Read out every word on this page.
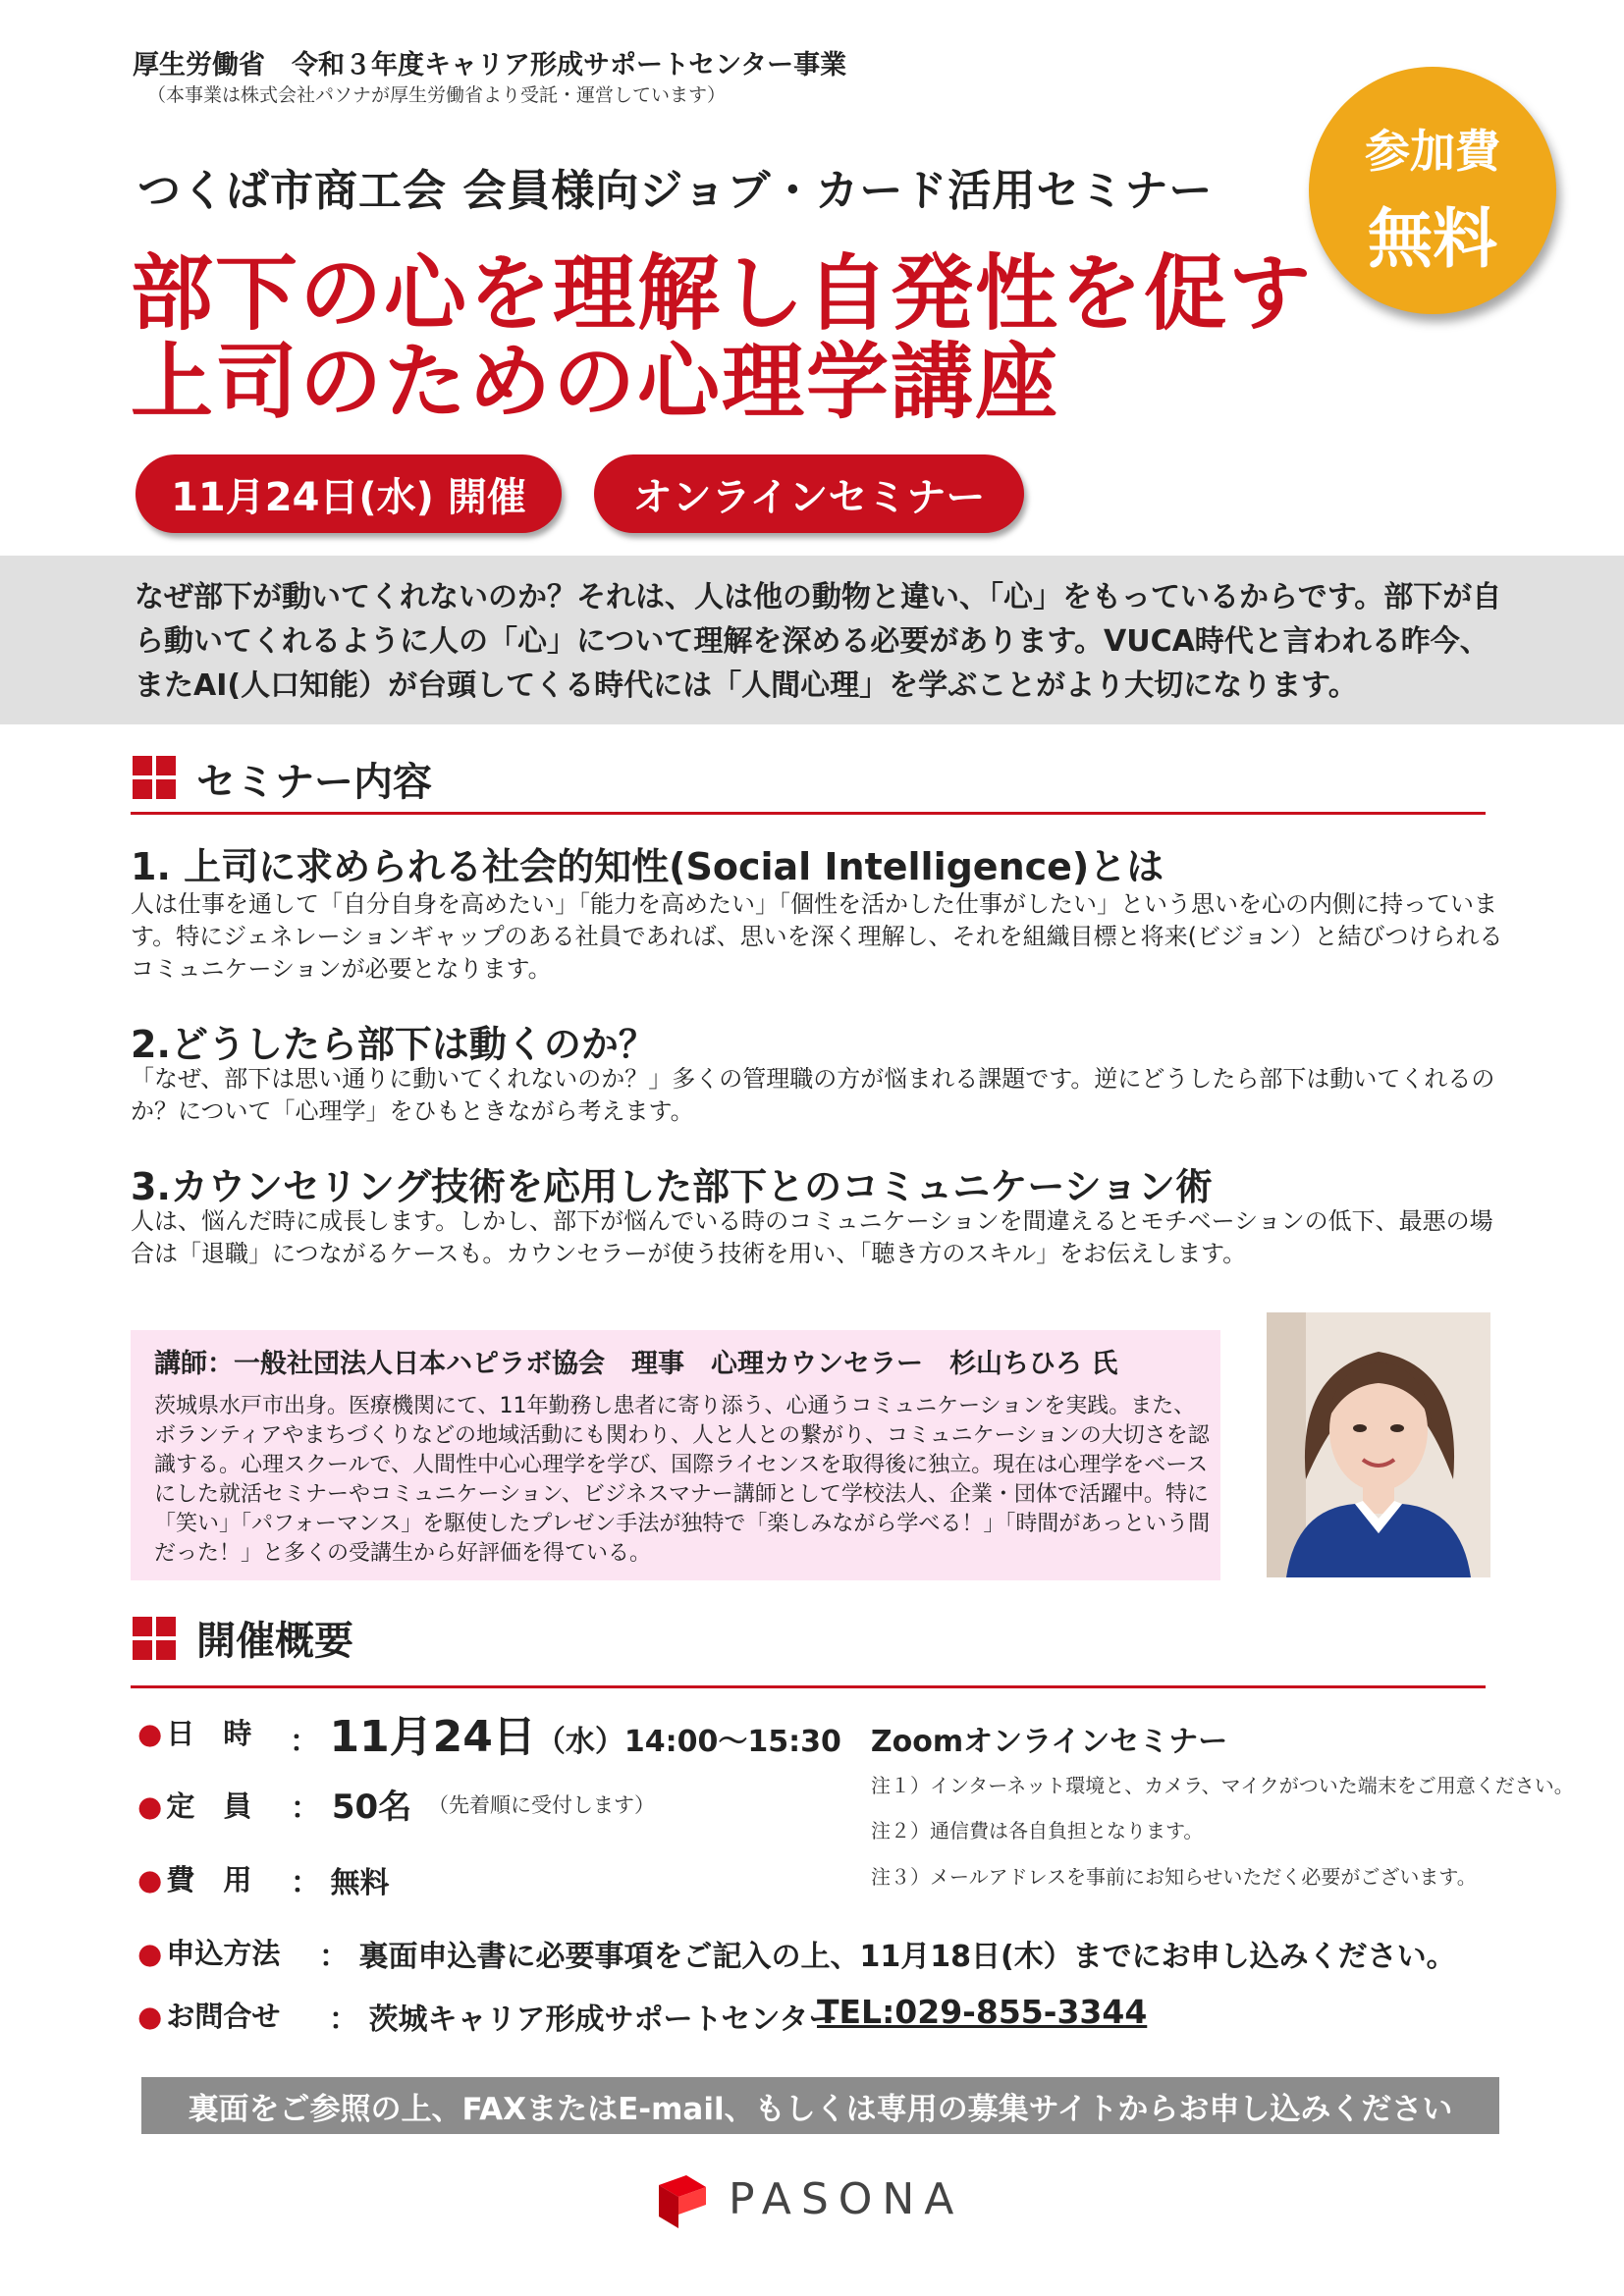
厚生労働省　令和３年度キャリア形成サポートセンター事業
（本事業は株式会社パソナが厚生労働省より受託・運営しています）
つくば市商工会 会員様向ジョブ・カード活用セミナー
部下の心を理解し自発性を促す
上司のための心理学講座
参加費
無料
11月24日(水) 開催	オンラインセミナー
なぜ部下が動いてくれないのか？それは、人は他の動物と違い、「心」をもっているからです。部下が自ら動いてくれるように人の「心」について理解を深める必要があります。VUCA時代と言われる昨今、またAI(人口知能）が台頭してくる時代には「人間心理」を学ぶことがより大切になります。
セミナー内容
1. 上司に求められる社会的知性(Social Intelligence)とは
人は仕事を通して「自分自身を高めたい」「能力を高めたい」「個性を活かした仕事がしたい」という思いを心の内側に持っています。特にジェネレーションギャップのある社員であれば、思いを深く理解し、それを組織目標と将来(ビジョン）と結びつけられるコミュニケーションが必要となります。
2.どうしたら部下は動くのか？
「なぜ、部下は思い通りに動いてくれないのか？」多くの管理職の方が悩まれる課題です。逆にどうしたら部下は動いてくれるのか？について「心理学」をひもときながら考えます。
3.カウンセリング技術を応用した部下とのコミュニケーション術
人は、悩んだ時に成長します。しかし、部下が悩んでいる時のコミュニケーションを間違えるとモチベーションの低下、最悪の場合は「退職」につながるケースも。カウンセラーが使う技術を用い、「聴き方のスキル」をお伝えします。
講師：一般社団法人日本ハピラボ協会　理事　心理カウンセラー　杉山ちひろ 氏
茨城県水戸市出身。医療機関にて、11年勤務し患者に寄り添う、心通うコミュニケーションを実践。また、ボランティアやまちづくりなどの地域活動にも関わり、人と人との繋がり、コミュニケーションの大切さを認識する。心理スクールで、人間性中心心理学を学び、国際ライセンスを取得後に独立。現在は心理学をベースにした就活セミナーやコミュニケーション、ビジネスマナー講師として学校法人、企業・団体で活躍中。特に「笑い」「パフォーマンス」を駆使したプレゼン手法が独特で「楽しみながら学べる！」「時間があっという間だった！」と多くの受講生から好評価を得ている。
開催概要
● 日　時 ： 11月24日（水）14:00～15:30　Zoomオンラインセミナー
● 定　員 ： 50名 （先着順に受付します）
● 費　用 ： 無料
注１）インターネット環境と、カメラ、マイクがついた端末をご用意ください。
注２）通信費は各自負担となります。
注３）メールアドレスを事前にお知らせいただく必要がございます。
● 申込方法 ： 裏面申込書に必要事項をご記入の上、11月18日(木）までにお申し込みください。
● お問合せ ： 茨城キャリア形成サポートセンター
TEL:029-855-3344
裏面をご参照の上、FAXまたはE-mail、もしくは専用の募集サイトからお申し込みください
PASONA
